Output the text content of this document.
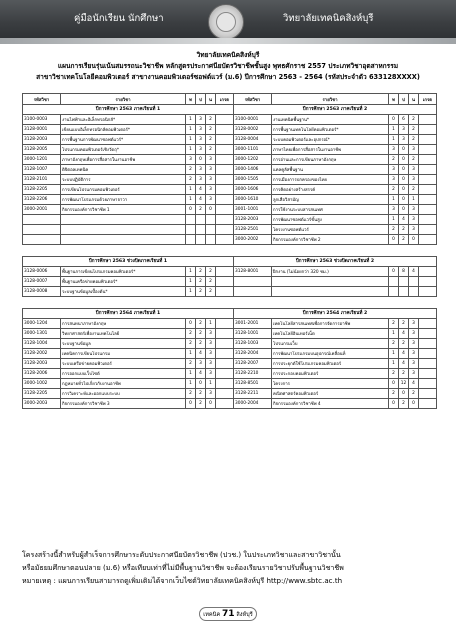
คู่มือนักเรียน นักศึกษา	วิทยาลัยเทคนิคสิงห์บุรี
วิทยาลัยเทคนิคสิงห์บุรี
แผนการเรียนรุ่นเน้นสมรรถนะวิชาชีพ หลักสูตรประกาศนียบัตรวิชาชีพชั้นสูง พุทธศักราช 2557 ประเภทวิชาอุตสาหกรรม
สาขาวิชาเทคโนโลยีคอมพิวเตอร์ สาขางานคอมพิวเตอร์ซอฟต์แวร์ (ม.6) ปีการศึกษา 2563 - 2564 (รหัสประจำตัว 633128XXXX)
รหัสวิชา	รายวิชา	ท	ป	น	เกรด	รหัสวิชา	รายวิชา	ท	ป	น	เกรด
ปีการศึกษา 2563 ภาคเรียนที่ 1						ปีการศึกษา 2563 ภาคเรียนที่ 2					
3100-0003	งานไฟฟ้าและอิเล็กทรอนิกส์*	1	3	2		3100-0001	งานเทคนิคพื้นฐาน*	0	6	2	
3128-0001	เขียนแบบอิเล็กทรอนิกส์คอมพิวเตอร์*	1	3	2		3128-0002	การพื้นฐานเทคโนโลยีคอมพิวเตอร์*	1	3	2	
3128-2003	การพื้นฐานการพัฒนาซอฟต์แวร์*	1	3	2		3128-0004	ระบบคอมพิวเตอร์และอุปกรณ์*	1	3	2	
3128-2005	โปรแกรมคอมพิวเตอร์เชิงวัตถุ*	1	3	2		3000-1101	ภาษาไทยเพื่อการสื่อสารในงานอาชีพ	3	0	3	
3000-1201	ภาษาอังกฤษเพื่อการสื่อสารในงานอาชีพ	3	0	3		3000-1202	การอ่านและการเขียนภาษาอังกฤษ	2	0	2	
3128-1007	ดิจิตอลเทคนิค	2	3	3		3000-1406	แคลคูลัสพื้นฐาน	3	0	3	
3128-2101	ระบบปฏิบัติการ	2	3	3		3000-1505	การเมืองการปกครองของไทย	3	0	3	
3128-2205	การเขียนโปรแกรมคอมพิวเตอร์	1	4	3		3000-1606	การคิดอย่างสร้างสรรค์	2	0	2	
3128-2206	การพัฒนาโปรแกรมด้วยภาษาจาวา	1	4	3		3000-1610	ลูกเสือวิสามัญ	1	0	1	
3000-2001	กิจกรรมองค์การวิชาชีพ 1	0	2	0		3001-1001	การใช้งานระบบสารสนเทศ	3	0	3	
						3128-2003	การพัฒนาซอฟต์แวร์ขั้นสูง	1	4	3	
						3128-2501	โครงงานซอฟต์แวร์	2	2	3	
						3000-2002	กิจกรรมองค์การวิชาชีพ 2	0	2	0	

ปีการศึกษา 2563 ช่วงปิดภาคเรียนที่ 1						ปีการศึกษา 2563 ช่วงปิดภาคเรียนที่ 2					
3128-0006	พื้นฐานการเขียนโปรแกรมคอมพิวเตอร์*	1	2	2		3128-8001	ฝึกงาน (ไม่น้อยกว่า 320 ชม.)	0	8	4	
3128-0007	พื้นฐานเครือข่ายคอมพิวเตอร์*	1	2	2							
3128-0008	ระบบฐานข้อมูลเบื้องต้น*	1	2	2							

ปีการศึกษา 2564 ภาคเรียนที่ 1						ปีการศึกษา 2564 ภาคเรียนที่ 2					
3000-1204	การสนทนาภาษาอังกฤษ	0	2	1		3001-2001	เทคโนโลยีสารสนเทศเพื่อการจัดการอาชีพ	2	2	3	
3000-1301	วิทยาศาสตร์เพื่องานเทคโนโลยี	2	2	3		3128-1001	เทคโนโลยีอินเทอร์เน็ต	1	4	3	
3128-1004	ระบบฐานข้อมูล	2	2	3		3128-1003	โปรแกรมเว็บ	2	2	3	
3128-2002	เทคนิคการเขียนโปรแกรม	1	4	3		3128-2004	การพัฒนาโปรแกรมบนอุปกรณ์เคลื่อนที่	1	4	3	
3128-2003	ระบบเครือข่ายคอมพิวเตอร์	2	3	3		3128-2007	การประยุกต์ใช้โปรแกรมคอมพิวเตอร์	1	4	3	
3128-2006	การออกแบบเว็บไซต์	1	4	3		3128-2210	การประกอบคอมพิวเตอร์	2	2	3	
3000-1002	กฎหมายทั่วไปเกี่ยวกับงานอาชีพ	1	0	1		3128-8501	โครงการ	0	12	4	
3128-2205	การวิเคราะห์และออกแบบระบบ	2	2	3		3128-2211	คณิตศาสตร์คอมพิวเตอร์	2	0	2	
3000-2003	กิจกรรมองค์การวิชาชีพ 3	0	2	0		3000-2004	กิจกรรมองค์การวิชาชีพ 4	0	2	0	
โครงสร้างนี้สำหรับผู้สำเร็จการศึกษาระดับประกาศนียบัตรวิชาชีพ (ปวช.) ในประเภทวิชาและสาขาวิชานั้น
หรือมัธยมศึกษาตอนปลาย (ม.6) หรือเทียบเท่าที่ไม่มีพื้นฐานวิชาชีพ จะต้องเรียนรายวิชาปรับพื้นฐานวิชาชีพ
หมายเหตุ : แผนการเรียนสามารถดูเพิ่มเติมได้จากเว็บไซต์วิทยาลัยเทคนิคสิงห์บุรี http://www.sbtc.ac.th
เทคนิค 71 สิงห์บุรี
